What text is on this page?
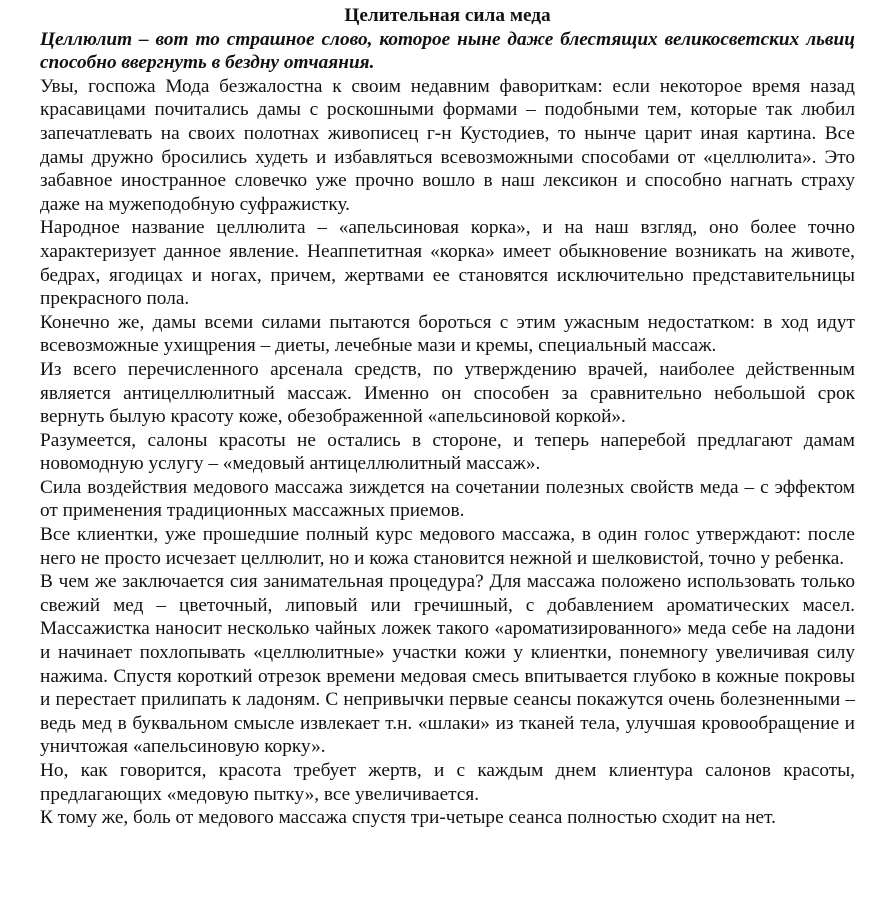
Целительная сила меда

Целлюлит – вот то страшное слово, которое ныне даже блестящих великосветских львиц способно ввергнуть в бездну отчаяния.

Увы, госпожа Мода безжалостна к своим недавним фавориткам: если некоторое время назад красавицами почитались дамы с роскошными формами – подобными тем, которые так любил запечатлевать на своих полотнах живописец г-н Кустодиев, то нынче царит иная картина. Все дамы дружно бросились худеть и избавляться всевозможными способами от «целлюлита». Это забавное иностранное словечко уже прочно вошло в наш лексикон и способно нагнать страху даже на мужеподобную суфражистку.

Народное название целлюлита – «апельсиновая корка», и на наш взгляд, оно более точно характеризует данное явление. Неаппетитная «корка» имеет обыкновение возникать на животе, бедрах, ягодицах и ногах, причем, жертвами ее становятся исключительно представительницы прекрасного пола.

Конечно же, дамы всеми силами пытаются бороться с этим ужасным недостатком: в ход идут всевозможные ухищрения – диеты, лечебные мази и кремы, специальный массаж.

Из всего перечисленного арсенала средств, по утверждению врачей, наиболее действенным является антицеллюлитный массаж. Именно он способен за сравнительно небольшой срок вернуть былую красоту коже, обезображенной «апельсиновой коркой».

Разумеется, салоны красоты не остались в стороне, и теперь наперебой предлагают дамам новомодную услугу – «медовый антицеллюлитный массаж».

Сила воздействия медового массажа зиждется на сочетании полезных свойств меда – с эффектом от применения традиционных массажных приемов.

Все клиентки, уже прошедшие полный курс медового массажа, в один голос утверждают: после него не просто исчезает целлюлит, но и кожа становится нежной и шелковистой, точно у ребенка.

В чем же заключается сия занимательная процедура? Для массажа положено использовать только свежий мед – цветочный, липовый или гречишный, с добавлением ароматических масел. Массажистка наносит несколько чайных ложек такого «ароматизированного» меда себе на ладони и начинает похлопывать «целлюлитные» участки кожи у клиентки, понемногу увеличивая силу нажима. Спустя короткий отрезок времени медовая смесь впитывается глубоко в кожные покровы и перестает прилипать к ладоням. С непривычки первые сеансы покажутся очень болезненными – ведь мед в буквальном смысле извлекает т.н. «шлаки» из тканей тела, улучшая кровообращение и уничтожая «апельсиновую корку».

Но, как говорится, красота требует жертв, и с каждым днем клиентура салонов красоты, предлагающих «медовую пытку», все увеличивается.

К тому же, боль от медового массажа спустя три-четыре сеанса полностью сходит на нет.
